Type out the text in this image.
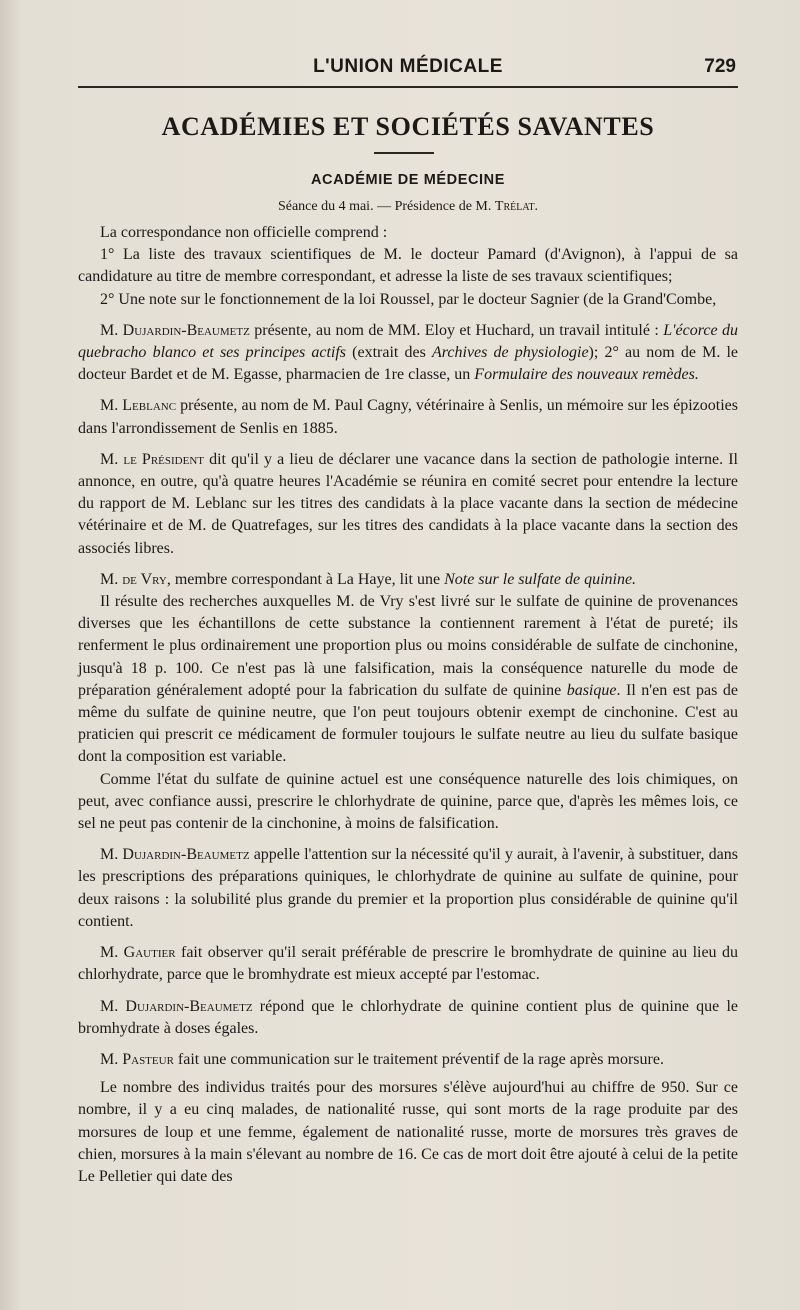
L'UNION MÉDICALE	729
ACADÉMIES ET SOCIÉTÉS SAVANTES
ACADÉMIE DE MÉDECINE
Séance du 4 mai. — Présidence de M. Trélat.

La correspondance non officielle comprend :

1° La liste des travaux scientifiques de M. le docteur Pamard (d'Avignon), à l'appui de sa candidature au titre de membre correspondant, et adresse la liste de ses travaux scientifiques;

2° Une note sur le fonctionnement de la loi Roussel, par le docteur Sagnier (de la Grand'Combe,

M. Dujardin-Beaumetz présente, au nom de MM. Eloy et Huchard, un travail intitulé : L'écorce du quebracho blanco et ses principes actifs (extrait des Archives de physiologie); 2° au nom de M. le docteur Bardet et de M. Egasse, pharmacien de 1re classe, un Formulaire des nouveaux remèdes.

M. Leblanc présente, au nom de M. Paul Cagny, vétérinaire à Senlis, un mémoire sur les épizooties dans l'arrondissement de Senlis en 1885.

M. le Président dit qu'il y a lieu de déclarer une vacance dans la section de pathologie interne. Il annonce, en outre, qu'à quatre heures l'Académie se réunira en comité secret pour entendre la lecture du rapport de M. Leblanc sur les titres des candidats à la place vacante dans la section de médecine vétérinaire et de M. de Quatrefages, sur les titres des candidats à la place vacante dans la section des associés libres.

M. de Vry, membre correspondant à La Haye, lit une Note sur le sulfate de quinine.

Il résulte des recherches auxquelles M. de Vry s'est livré sur le sulfate de quinine de provenances diverses que les échantillons de cette substance la contiennent rarement à l'état de pureté; ils renferment le plus ordinairement une proportion plus ou moins considérable de sulfate de cinchonine, jusqu'à 18 p. 100. Ce n'est pas là une falsification, mais la conséquence naturelle du mode de préparation généralement adopté pour la fabrication du sulfate de quinine basique. Il n'en est pas de même du sulfate de quinine neutre, que l'on peut toujours obtenir exempt de cinchonine. C'est au praticien qui prescrit ce médicament de formuler toujours le sulfate neutre au lieu du sulfate basique dont la composition est variable.

Comme l'état du sulfate de quinine actuel est une conséquence naturelle des lois chimiques, on peut, avec confiance aussi, prescrire le chlorhydrate de quinine, parce que, d'après les mêmes lois, ce sel ne peut pas contenir de la cinchonine, à moins de falsification.

M. Dujardin-Beaumetz appelle l'attention sur la nécessité qu'il y aurait, à l'avenir, à substituer, dans les prescriptions des préparations quiniques, le chlorhydrate de quinine au sulfate de quinine, pour deux raisons : la solubilité plus grande du premier et la proportion plus considérable de quinine qu'il contient.

M. Gautier fait observer qu'il serait préférable de prescrire le bromhydrate de quinine au lieu du chlorhydrate, parce que le bromhydrate est mieux accepté par l'estomac.

M. Dujardin-Beaumetz répond que le chlorhydrate de quinine contient plus de quinine que le bromhydrate à doses égales.

M. Pasteur fait une communication sur le traitement préventif de la rage après morsure.

Le nombre des individus traités pour des morsures s'élève aujourd'hui au chiffre de 950. Sur ce nombre, il y a eu cinq malades, de nationalité russe, qui sont morts de la rage produite par des morsures de loup et une femme, également de nationalité russe, morte de morsures très graves de chien, morsures à la main s'élevant au nombre de 16. Ce cas de mort doit être ajouté à celui de la petite Le Pelletier qui date des
